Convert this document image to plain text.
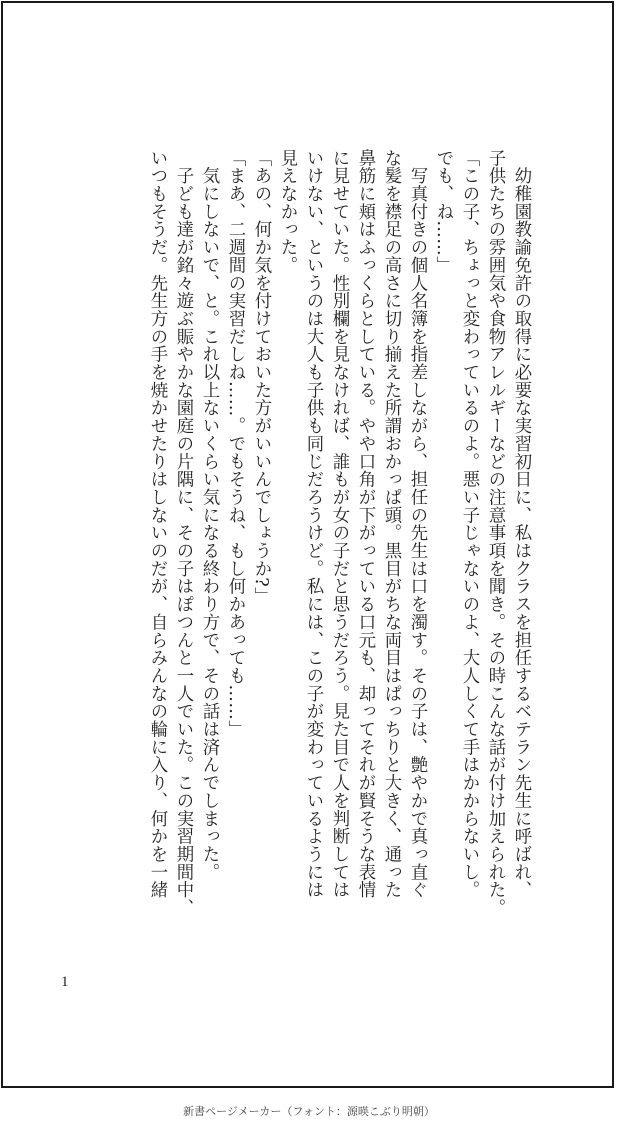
　幼稚園教諭免許の取得に必要な実習初日に、私はクラスを担任するベテラン先生に呼ばれ、
子供たちの雰囲気や食物アレルギーなどの注意事項を聞き。その時こんな話が付け加えられた。
「この子、ちょっと変わっているのよ。悪い子じゃないのよ、大人しくて手はかからないし。
でも、ね……」
　写真付きの個人名簿を指差しながら、担任の先生は口を濁す。その子は、艶やかで真っ直ぐ
な髪を襟足の高さに切り揃えた所謂おかっぱ頭。黒目がちな両目はぱっちりと大きく、通った
鼻筋に頬はふっくらとしている。やや口角が下がっている口元も、却ってそれが賢そうな表情
に見せていた。性別欄を見なければ、誰もが女の子だと思うだろう。見た目で人を判断しては
いけない、というのは大人も子供も同じだろうけど。私には、この子が変わっているようには
見えなかった。
「あの、何か気を付けておいた方がいいんでしょうか?」
「まあ、二週間の実習だしね……。でもそうね、もし何かあっても……」
　気にしないで、と。これ以上ないくらい気になる終わり方で、その話は済んでしまった。
　子ども達が銘々遊ぶ賑やかな園庭の片隅に、その子はぽつんと一人でいた。この実習期間中、
いつもそうだ。先生方の手を焼かせたりはしないのだが、自らみんなの輪に入り、何かを一緒
1
新書ページメーカー（フォント：源暎こぶり明朝）
